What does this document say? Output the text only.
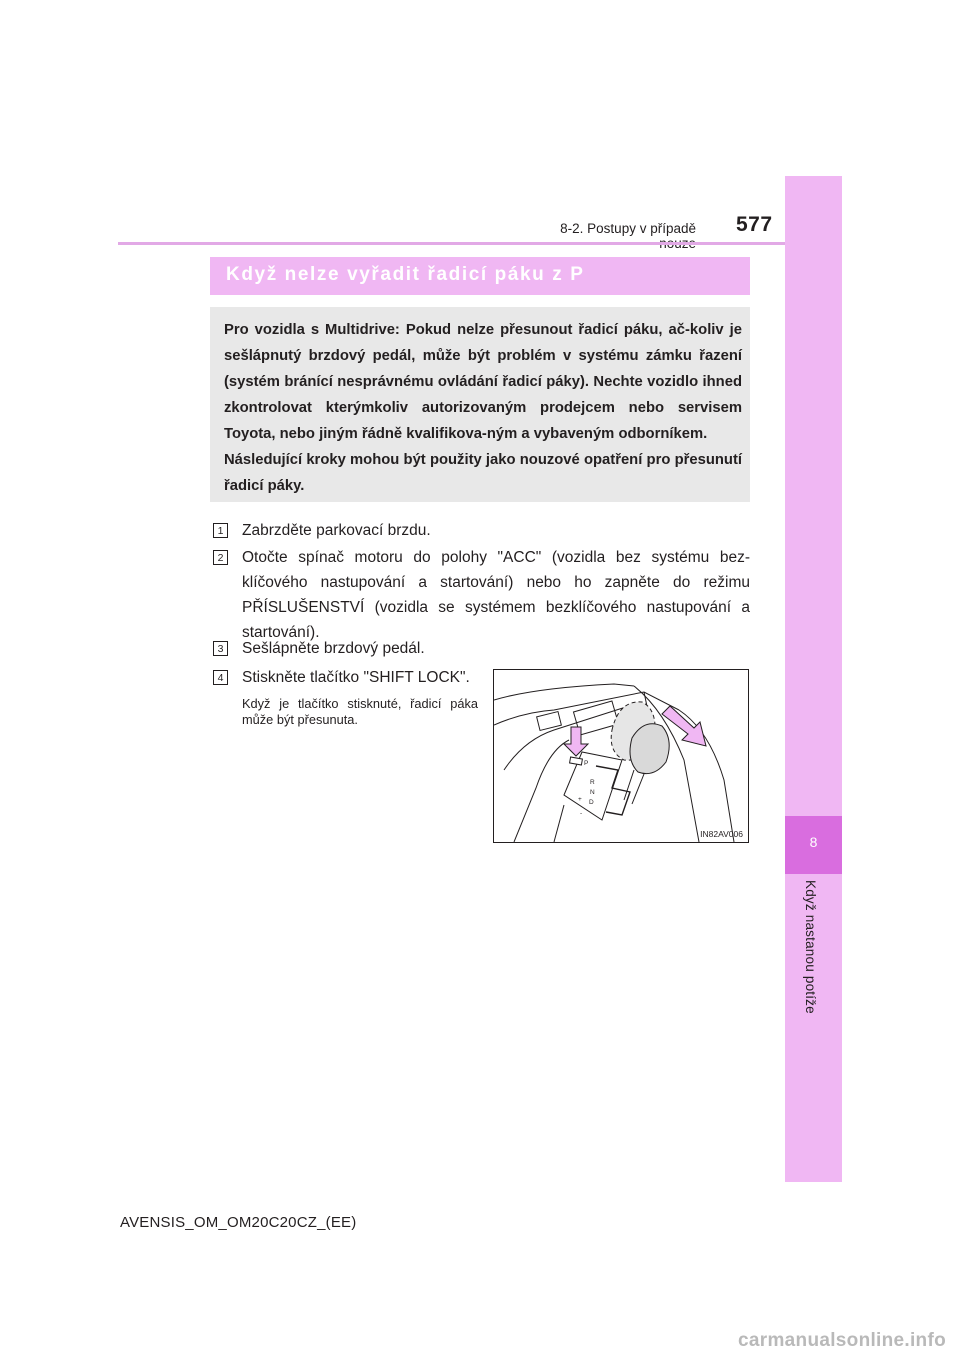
8-2. Postupy v případě 577
8
Když nastanou potíže
Když nelze vyřadit řadicí páku z P

Pro vozidla s Multidrive: Pokud nelze přesunout řadicí páku, ač-koliv je sešlápnutý brzdový pedál, může být problém v systému zámku řazení (systém bránící nesprávnému ovládání řadicí páky). Nechte vozidlo ihned zkontrolovat kterýmkoliv autorizovaným prodejcem nebo servisem Toyota, nebo jiným řádně kvalifikova-ným a vybaveným odborníkem.

Následující kroky mohou být použity jako nouzové opatření pro přesunutí řadicí páky.

1 Zabrzděte parkovací brzdu.
2 Otočte spínač motoru do polohy "ACC" (vozidla bez systému bez-klíčového nastupování a startování) nebo ho zapněte do režimu PŘÍSLUŠENSTVÍ (vozidla se systémem bezklíčového nastupování a startování).
3 Sešlápněte brzdový pedál.
4 Stiskněte tlačítko "SHIFT LOCK".
Když je tlačítko stisknuté, řadicí páka může být přesunuta.
P
R
N
D
+
-
IN82AV006
AVENSIS_OM_OM20C20CZ_(EE)
carmanualsonline.info
